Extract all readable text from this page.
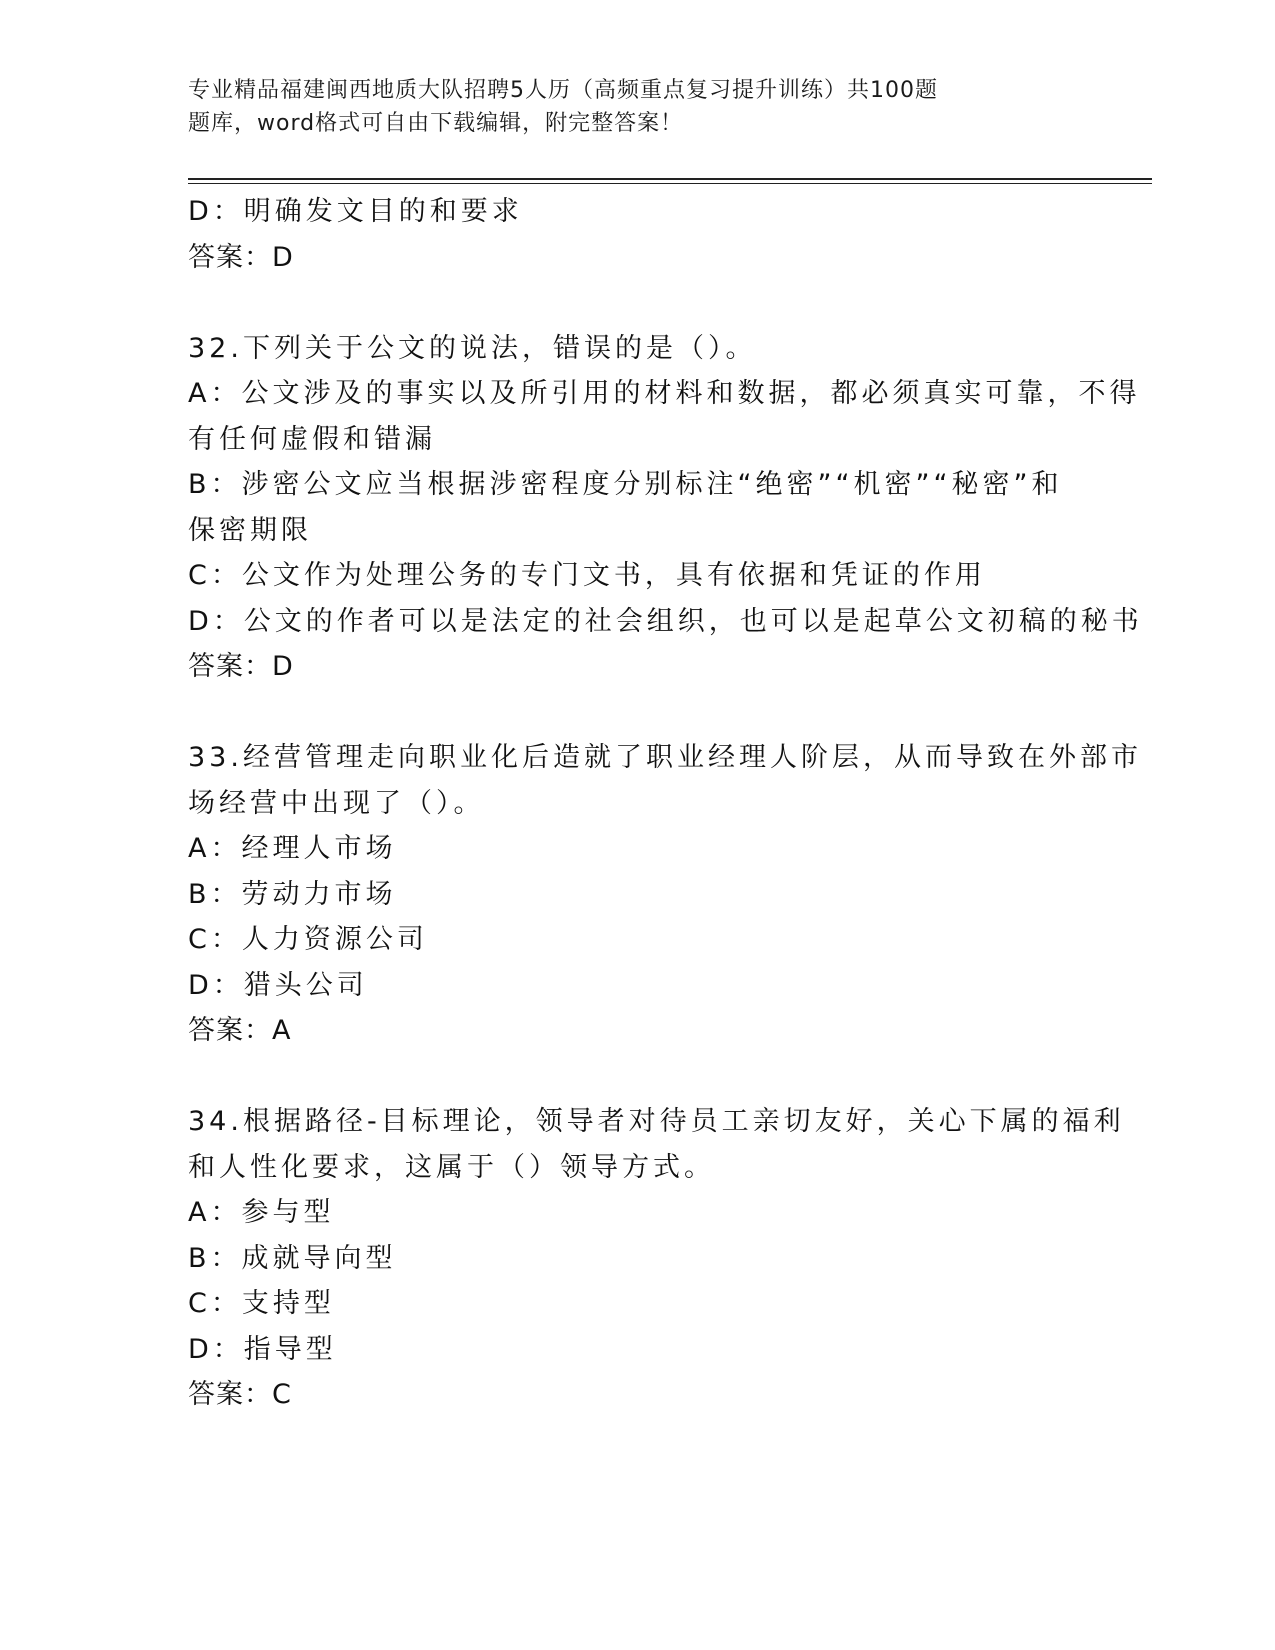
专业精品福建闽西地质大队招聘5人历（高频重点复习提升训练）共100题
题库，word格式可自由下载编辑，附完整答案！
D：明确发文目的和要求
答案：D
32.下列关于公文的说法，错误的是（）。
A：公文涉及的事实以及所引用的材料和数据，都必须真实可靠，不得
有任何虚假和错漏
B：涉密公文应当根据涉密程度分别标注“绝密”“机密”“秘密”和
保密期限
C：公文作为处理公务的专门文书，具有依据和凭证的作用
D：公文的作者可以是法定的社会组织，也可以是起草公文初稿的秘书
答案：D
33.经营管理走向职业化后造就了职业经理人阶层，从而导致在外部市
场经营中出现了（）。
A：经理人市场
B：劳动力市场
C：人力资源公司
D：猎头公司
答案：A
34.根据路径-目标理论，领导者对待员工亲切友好，关心下属的福利
和人性化要求，这属于（）领导方式。
A：参与型
B：成就导向型
C：支持型
D：指导型
答案：C
